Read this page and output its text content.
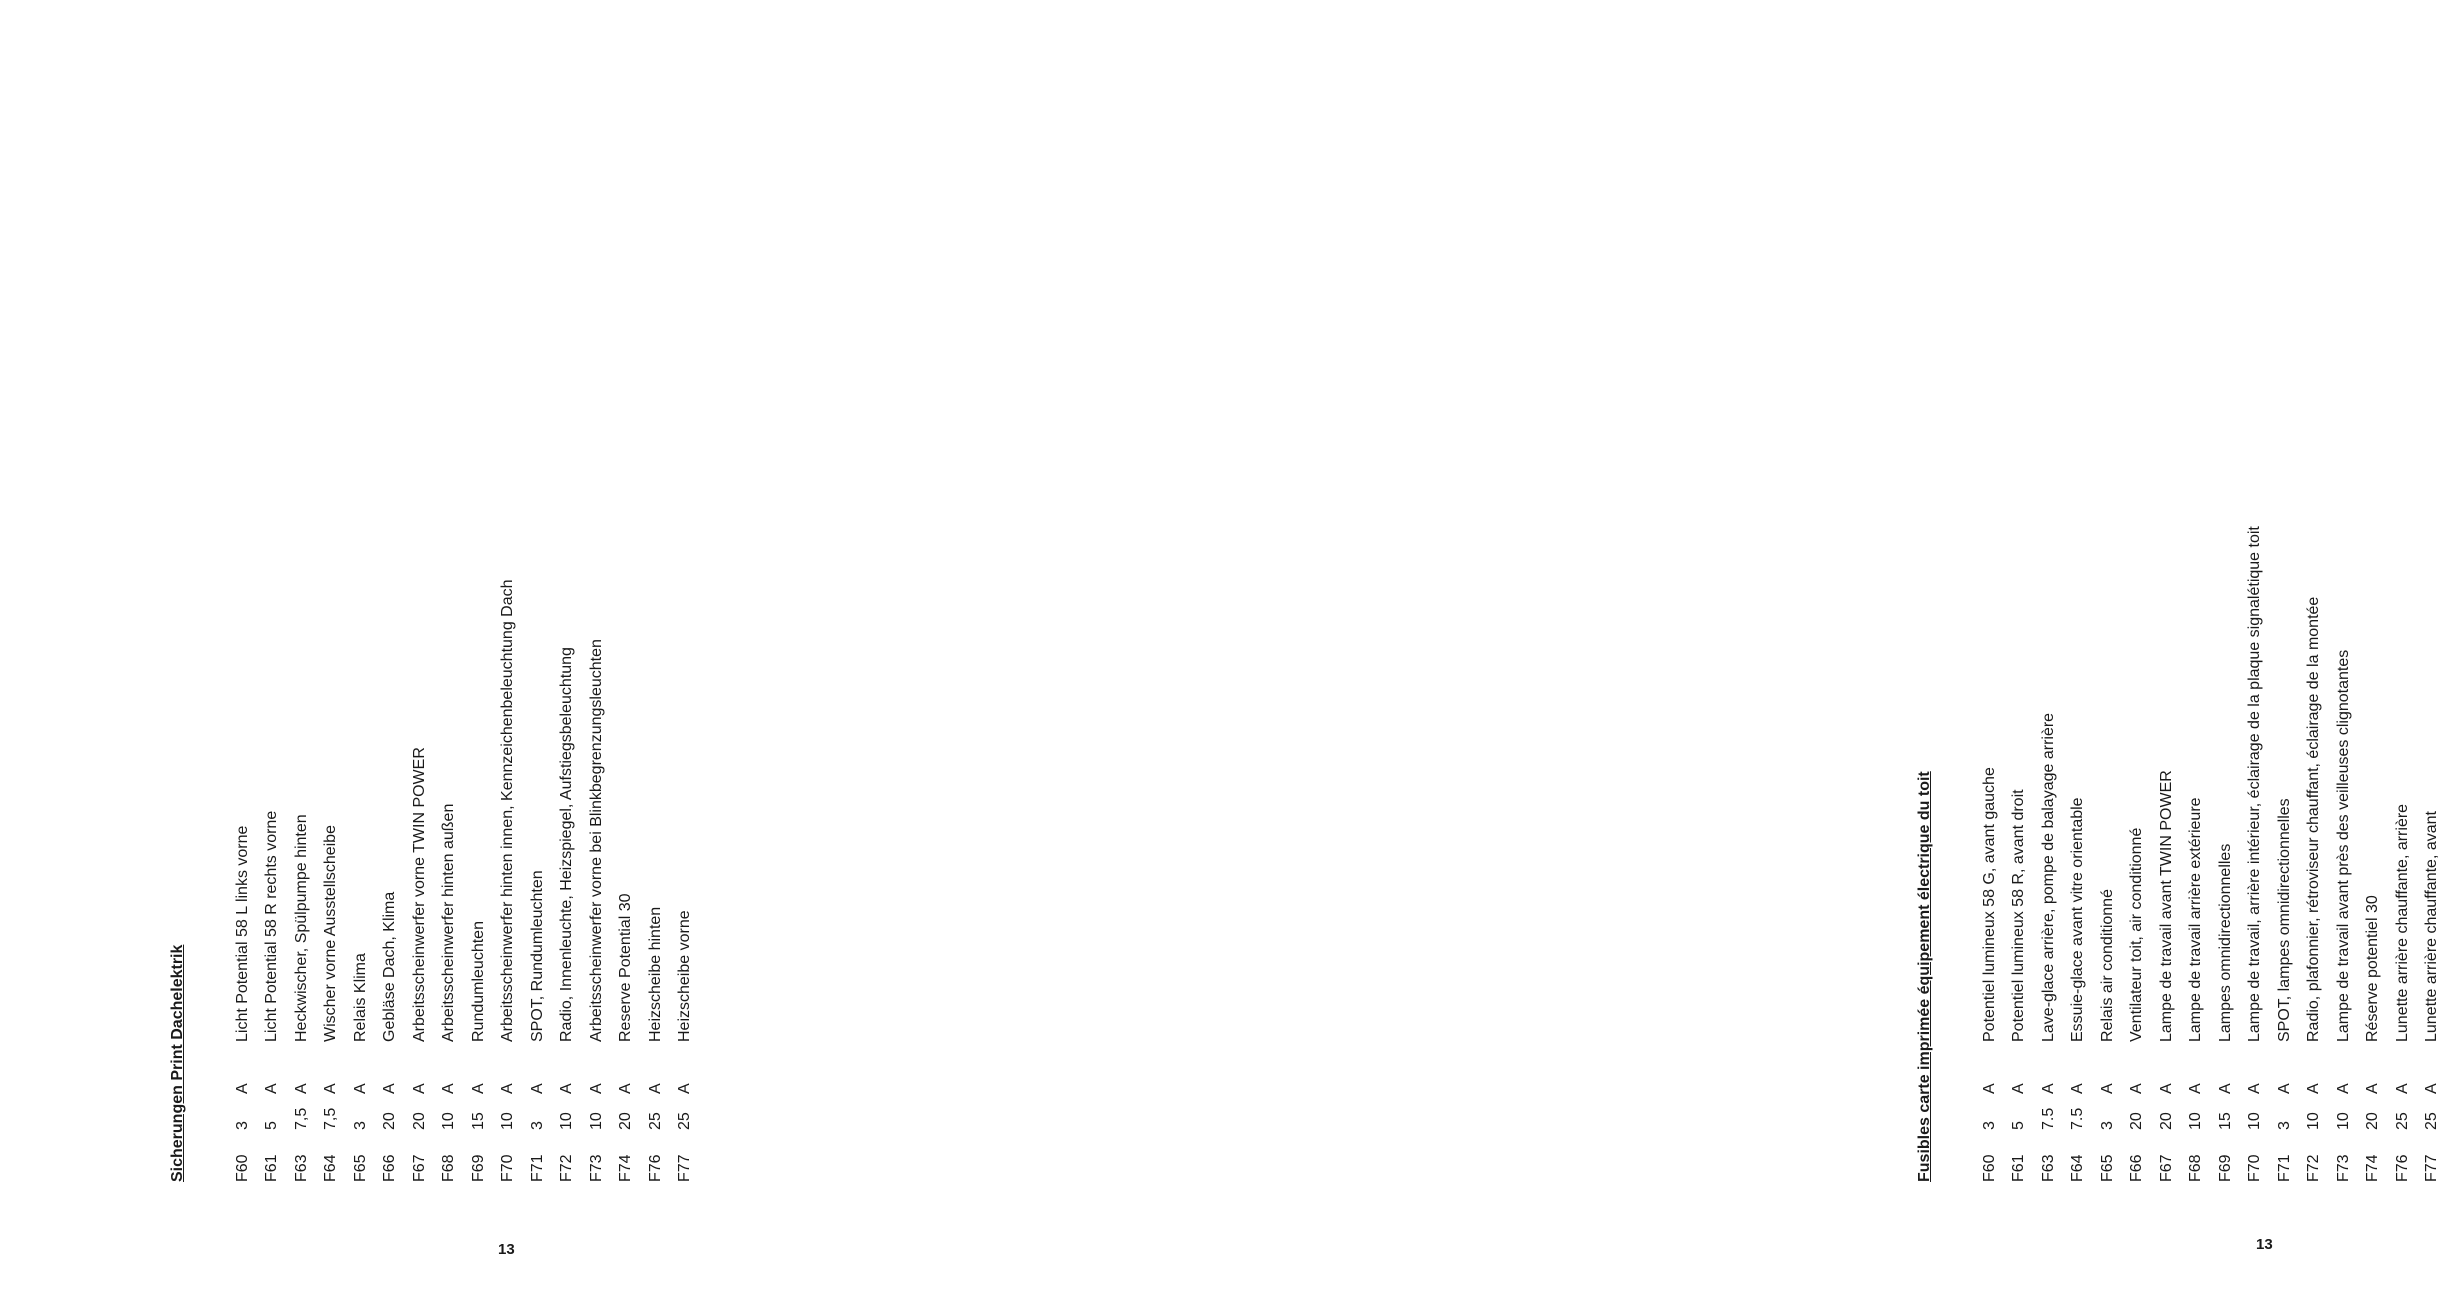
Sicherungen Print Dachelektrik	F60
3
A
Licht Potential 58 L links vorne
F61
5
A
Licht Potential 58 R rechts vorne
F63
7,5
A
Heckwischer, Spülpumpe hinten
F64
7,5
A
Wischer vorne Ausstellscheibe
F65
3
A
Relais Klima
F66
20
A
Gebläse Dach, Klima
F67
20
A
Arbeitsscheinwerfer vorne TWIN POWER
F68
10
A
Arbeitsscheinwerfer hinten außen
F69
15
A
Rundumleuchten
F70
10
A
Arbeitsscheinwerfer hinten innen, Kennzeichenbeleuchtung Dach
F71
3
A
SPOT, Rundumleuchten
F72
10
A
Radio, Innenleuchte, Heizspiegel, Aufstiegsbeleuchtung
F73
10
A
Arbeitsscheinwerfer vorne bei Blinkbegrenzungsleuchten
F74
20
A
Reserve Potential 30
F76
25
A
Heizscheibe hinten
F77
25
A
Heizscheibe vorne
13
Fusibles carte imprimée équipement électrique du toit	F60
3
A
Potentiel lumineux 58 G, avant gauche
F61
5
A
Potentiel lumineux 58 R, avant droit
F63
7.5
A
Lave-glace arrière, pompe de balayage arrière
F64
7.5
A
Essuie-glace avant vitre orientable
F65
3
A
Relais air conditionné
F66
20
A
Ventilateur toit, air conditionné
F67
20
A
Lampe de travail avant TWIN POWER
F68
10
A
Lampe de travail arrière extérieure
F69
15
A
Lampes omnidirectionnelles
F70
10
A
Lampe de travail, arrière intérieur, éclairage de la plaque signalétique toit
F71
3
A
SPOT, lampes omnidirectionnelles
F72
10
A
Radio, plafonnier, rétroviseur chauffant, éclairage de la montée
F73
10
A
Lampe de travail avant près des veilleuses clignotantes
F74
20
A
Réserve potentiel 30
F76
25
A
Lunette arrière chauffante, arrière
F77
25
A
Lunette arrière chauffante, avant
13
